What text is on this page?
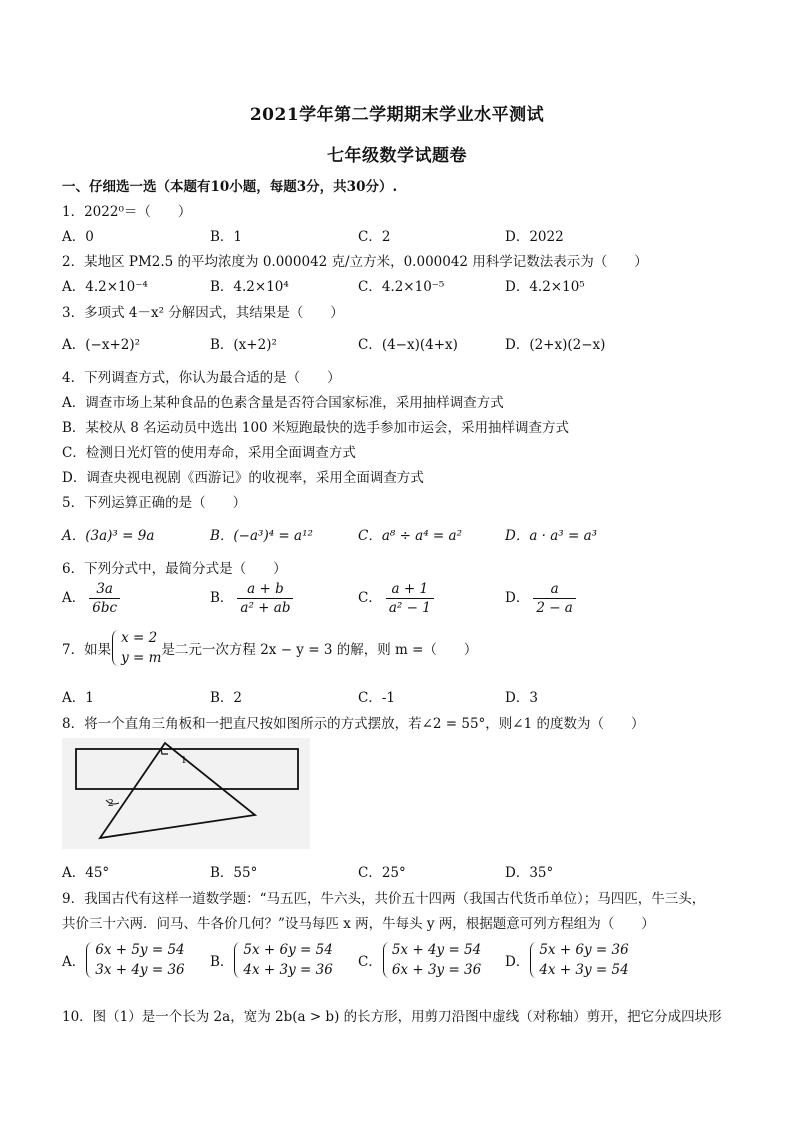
2021学年第二学期期末学业水平测试
七年级数学试题卷
一、仔细选一选（本题有10小题，每题3分，共30分）.
1．2022⁰＝（　　）
A．0	B．1	C．2	D．2022
2．某地区 PM2.5 的平均浓度为 0.000042 克/立方米，0.000042 用科学记数法表示为（　　）
A．4.2×10⁻⁴	B．4.2×10⁴	C．4.2×10⁻⁵	D．4.2×10⁵
3．多项式 4－x² 分解因式，其结果是（　　）
A．(−x+2)²	B．(x+2)²	C．(4−x)(4+x)	D．(2+x)(2−x)
4．下列调查方式，你认为最合适的是（　　）
A．调查市场上某种食品的色素含量是否符合国家标准，采用抽样调查方式
B．某校从 8 名运动员中选出 100 米短跑最快的选手参加市运会，采用抽样调查方式
C．检测日光灯管的使用寿命，采用全面调查方式
D．调查央视电视剧《西游记》的收视率，采用全面调查方式
5．下列运算正确的是（　　）
A．(3a)³ = 9a	B．(−a³)⁴ = a¹²	C．a⁸ ÷ a⁴ = a²	D．a · a³ = a³
6．下列分式中，最简分式是（　　）
A． $\frac{3a}{6bc}$	B． $\frac{a + b}{\text{a² + ab}}$	C． $\frac{a + 1}{\text{a² − 1}}$	D． $\frac{a}{2 - a}$
7．如果
x = 2
y = m 是二元一次方程 2x − y = 3 的解，则 m =（　　）
A．1	B．2	C．-1	D．3
8．将一个直角三角板和一把直尺按如图所示的方式摆放，若∠2 = 55°，则∠1 的度数为（　　）
1
2
A．45°	B．55°	C．25°	D．35°
9．我国古代有这样一道数学题：“马五匹，牛六头，共价五十四两（我国古代货币单位）；马四匹，牛三头，
共价三十六两．问马、牛各价几何？”设马每匹 x 两，牛每头 y 两，根据题意可列方程组为（　　）
A．
6x + 5y = 54
3x + 4y = 36 B．
5x + 6y = 54
4x + 3y = 36 C．
5x + 4y = 54
6x + 3y = 36 D．
5x + 6y = 36
4x + 3y = 54
10．图（1）是一个长为 2a，宽为 2b(a > b) 的长方形，用剪刀沿图中虚线（对称轴）剪开，把它分成四块形
